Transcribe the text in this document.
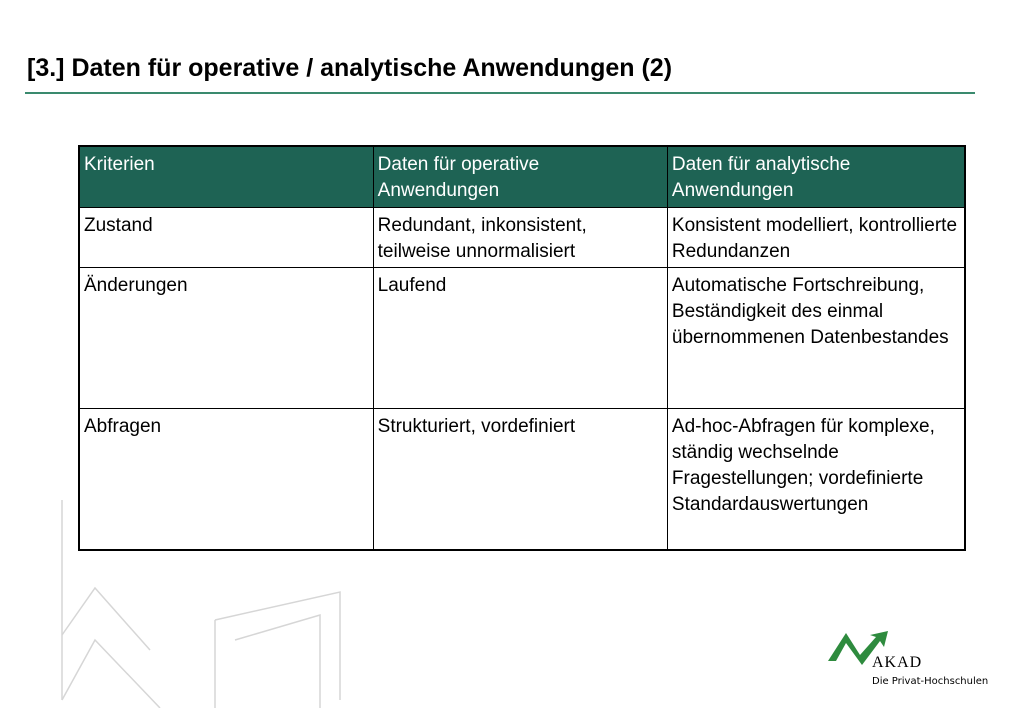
[3.] Daten für operative / analytische Anwendungen (2)
Kriterien	Daten für operative Anwendungen	Daten für analytische Anwendungen
Zustand	Redundant, inkonsistent, teilweise unnormalisiert	Konsistent modelliert, kontrollierte Redundanzen
Änderungen	Laufend	Automatische Fortschreibung, Beständigkeit des einmal übernommenen Datenbestandes
Abfragen	Strukturiert, vordefiniert	Ad-hoc-Abfragen für komplexe, ständig wechselnde Fragestellungen; vordefinierte Standardauswertungen
AKAD
Die Privat-Hochschulen
